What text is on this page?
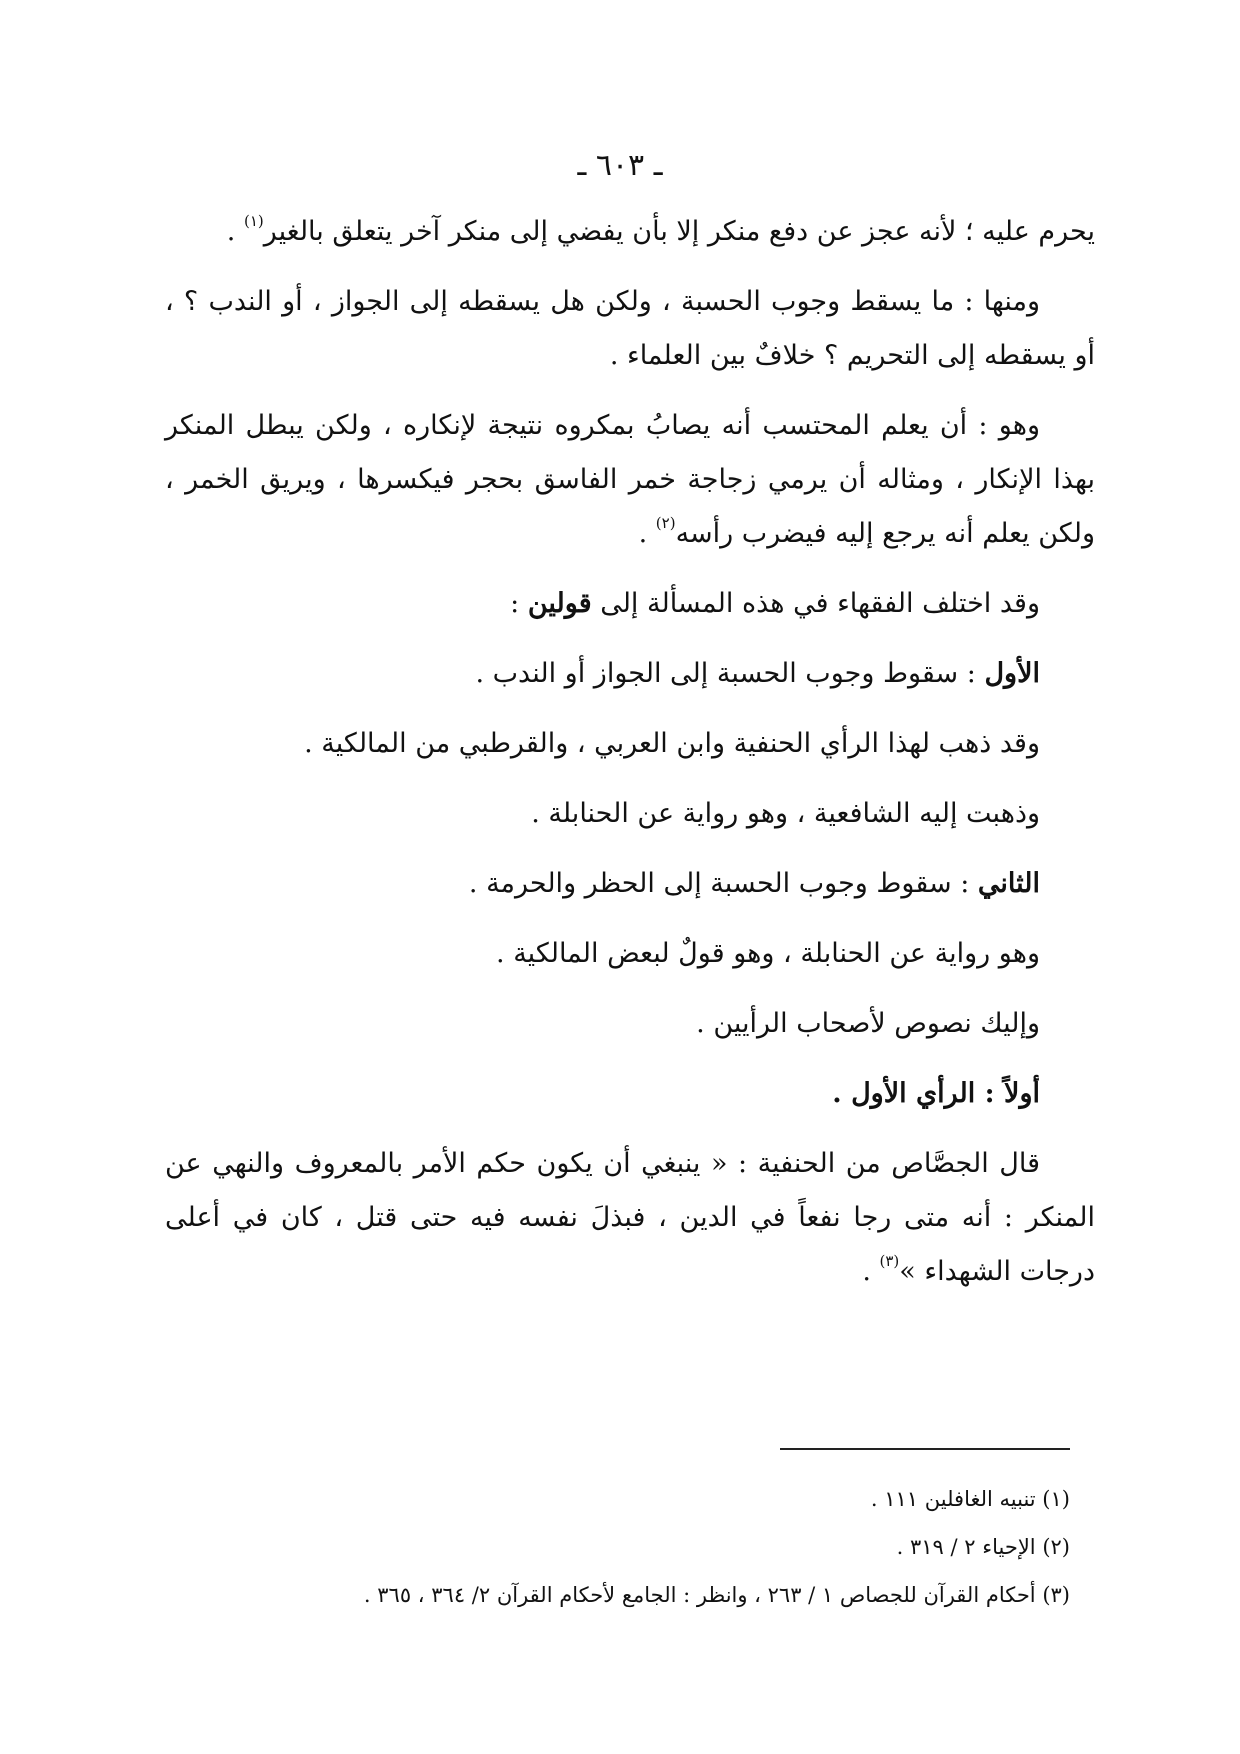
ـ ٦٠٣ ـ

يحرم عليه ؛ لأنه عجز عن دفع منكر إلا بأن يفضي إلى منكر آخر يتعلق بالغير$^{(١)}$ .

ومنها : ما يسقط وجوب الحسبة ، ولكن هل يسقطه إلى الجواز ، أو الندب ؟ ، أو يسقطه إلى التحريم ؟ خلافٌ بين العلماء .

وهو : أن يعلم المحتسب أنه يصابُ بمكروه نتيجة لإنكاره ، ولكن يبطل المنكر بهذا الإنكار ، ومثاله أن يرمي زجاجة خمر الفاسق بحجر فيكسرها ، ويريق الخمر ، ولكن يعلم أنه يرجع إليه فيضرب رأسه$^{(٢)}$ .

وقد اختلف الفقهاء في هذه المسألة إلى قولين :

الأول : سقوط وجوب الحسبة إلى الجواز أو الندب .

وقد ذهب لهذا الرأي الحنفية وابن العربي ، والقرطبي من المالكية .

وذهبت إليه الشافعية ، وهو رواية عن الحنابلة .

الثاني : سقوط وجوب الحسبة إلى الحظر والحرمة .

وهو رواية عن الحنابلة ، وهو قولٌ لبعض المالكية .

وإليك نصوص لأصحاب الرأيين .

أولاً : الرأي الأول .

قال الجصَّاص من الحنفية : « ينبغي أن يكون حكم الأمر بالمعروف والنهي عن المنكر : أنه متى رجا نفعاً في الدين ، فبذلَ نفسه فيه حتى قتل ، كان في أعلى درجات الشهداء »$^{(٣)}$ .

(١) تنبيه الغافلين ١١١ .

(٢) الإحياء ٢ / ٣١٩ .

(٣) أحكام القرآن للجصاص ١ / ٢٦٣ ، وانظر : الجامع لأحكام القرآن ٢/ ٣٦٤ ، ٣٦٥ .
